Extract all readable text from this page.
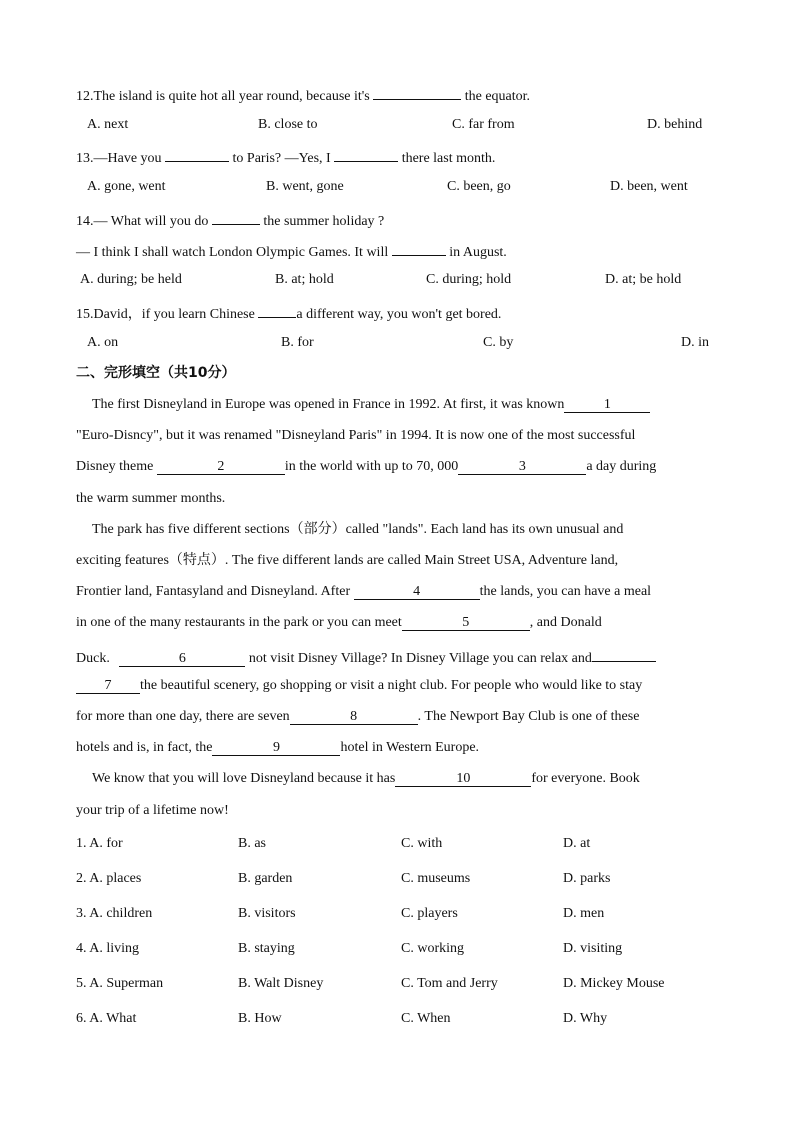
12.The island is quite hot all year round, because it's	the equator.
A. next	B. close to	C. far from	D. behind
13.—Have you	to Paris? —Yes, I	there last month.
A. gone, went	B. went, gone	C. been, go	D. been, went
14.— What will you do	the summer holiday ?
— I think I shall watch London Olympic Games. It will	in August.
A. during; be held	B. at; hold	C. during; hold	D. at; be hold
15.David，if you learn Chinese	a different way, you won't get bored.
A. on	B. for	C. by	D. in
二、完形填空（共10分）
The first Disneyland in Europe was opened in France in 1992. At first, it was known	1
"Euro-Disncy", but it was renamed "Disneyland Paris" in 1994. It is now one of the most successful
Disney theme	2	in the world with up to 70, 000	3	a day during
the warm summer months.
The park has five different sections（部分）called "lands". Each land has its own unusual and
exciting features（特点）. The five different lands are called Main Street USA, Adventure land,
Frontier land, Fantasyland and Disneyland. After	4	the lands, you can have a meal
in one of the many restaurants in the park or you can meet	5	, and Donald
Duck.	6	not visit Disney Village? In Disney Village you can relax and
7 the beautiful scenery, go shopping or visit a night club. For people who would like to stay
for more than one day, there are seven	8	. The Newport Bay Club is one of these
hotels and is, in fact, the	9	hotel in Western Europe.
We know that you will love Disneyland because it has	10	for everyone. Book
your trip of a lifetime now!
1. A. for	B. as	C. with	D. at
2. A. places	B. garden	C. museums	D. parks
3. A. children	B. visitors	C. players	D. men
4. A. living	B. staying	C. working	D. visiting
5. A. Superman	B. Walt Disney	C. Tom and Jerry	D. Mickey Mouse
6. A. What	B. How	C. When	D. Why
